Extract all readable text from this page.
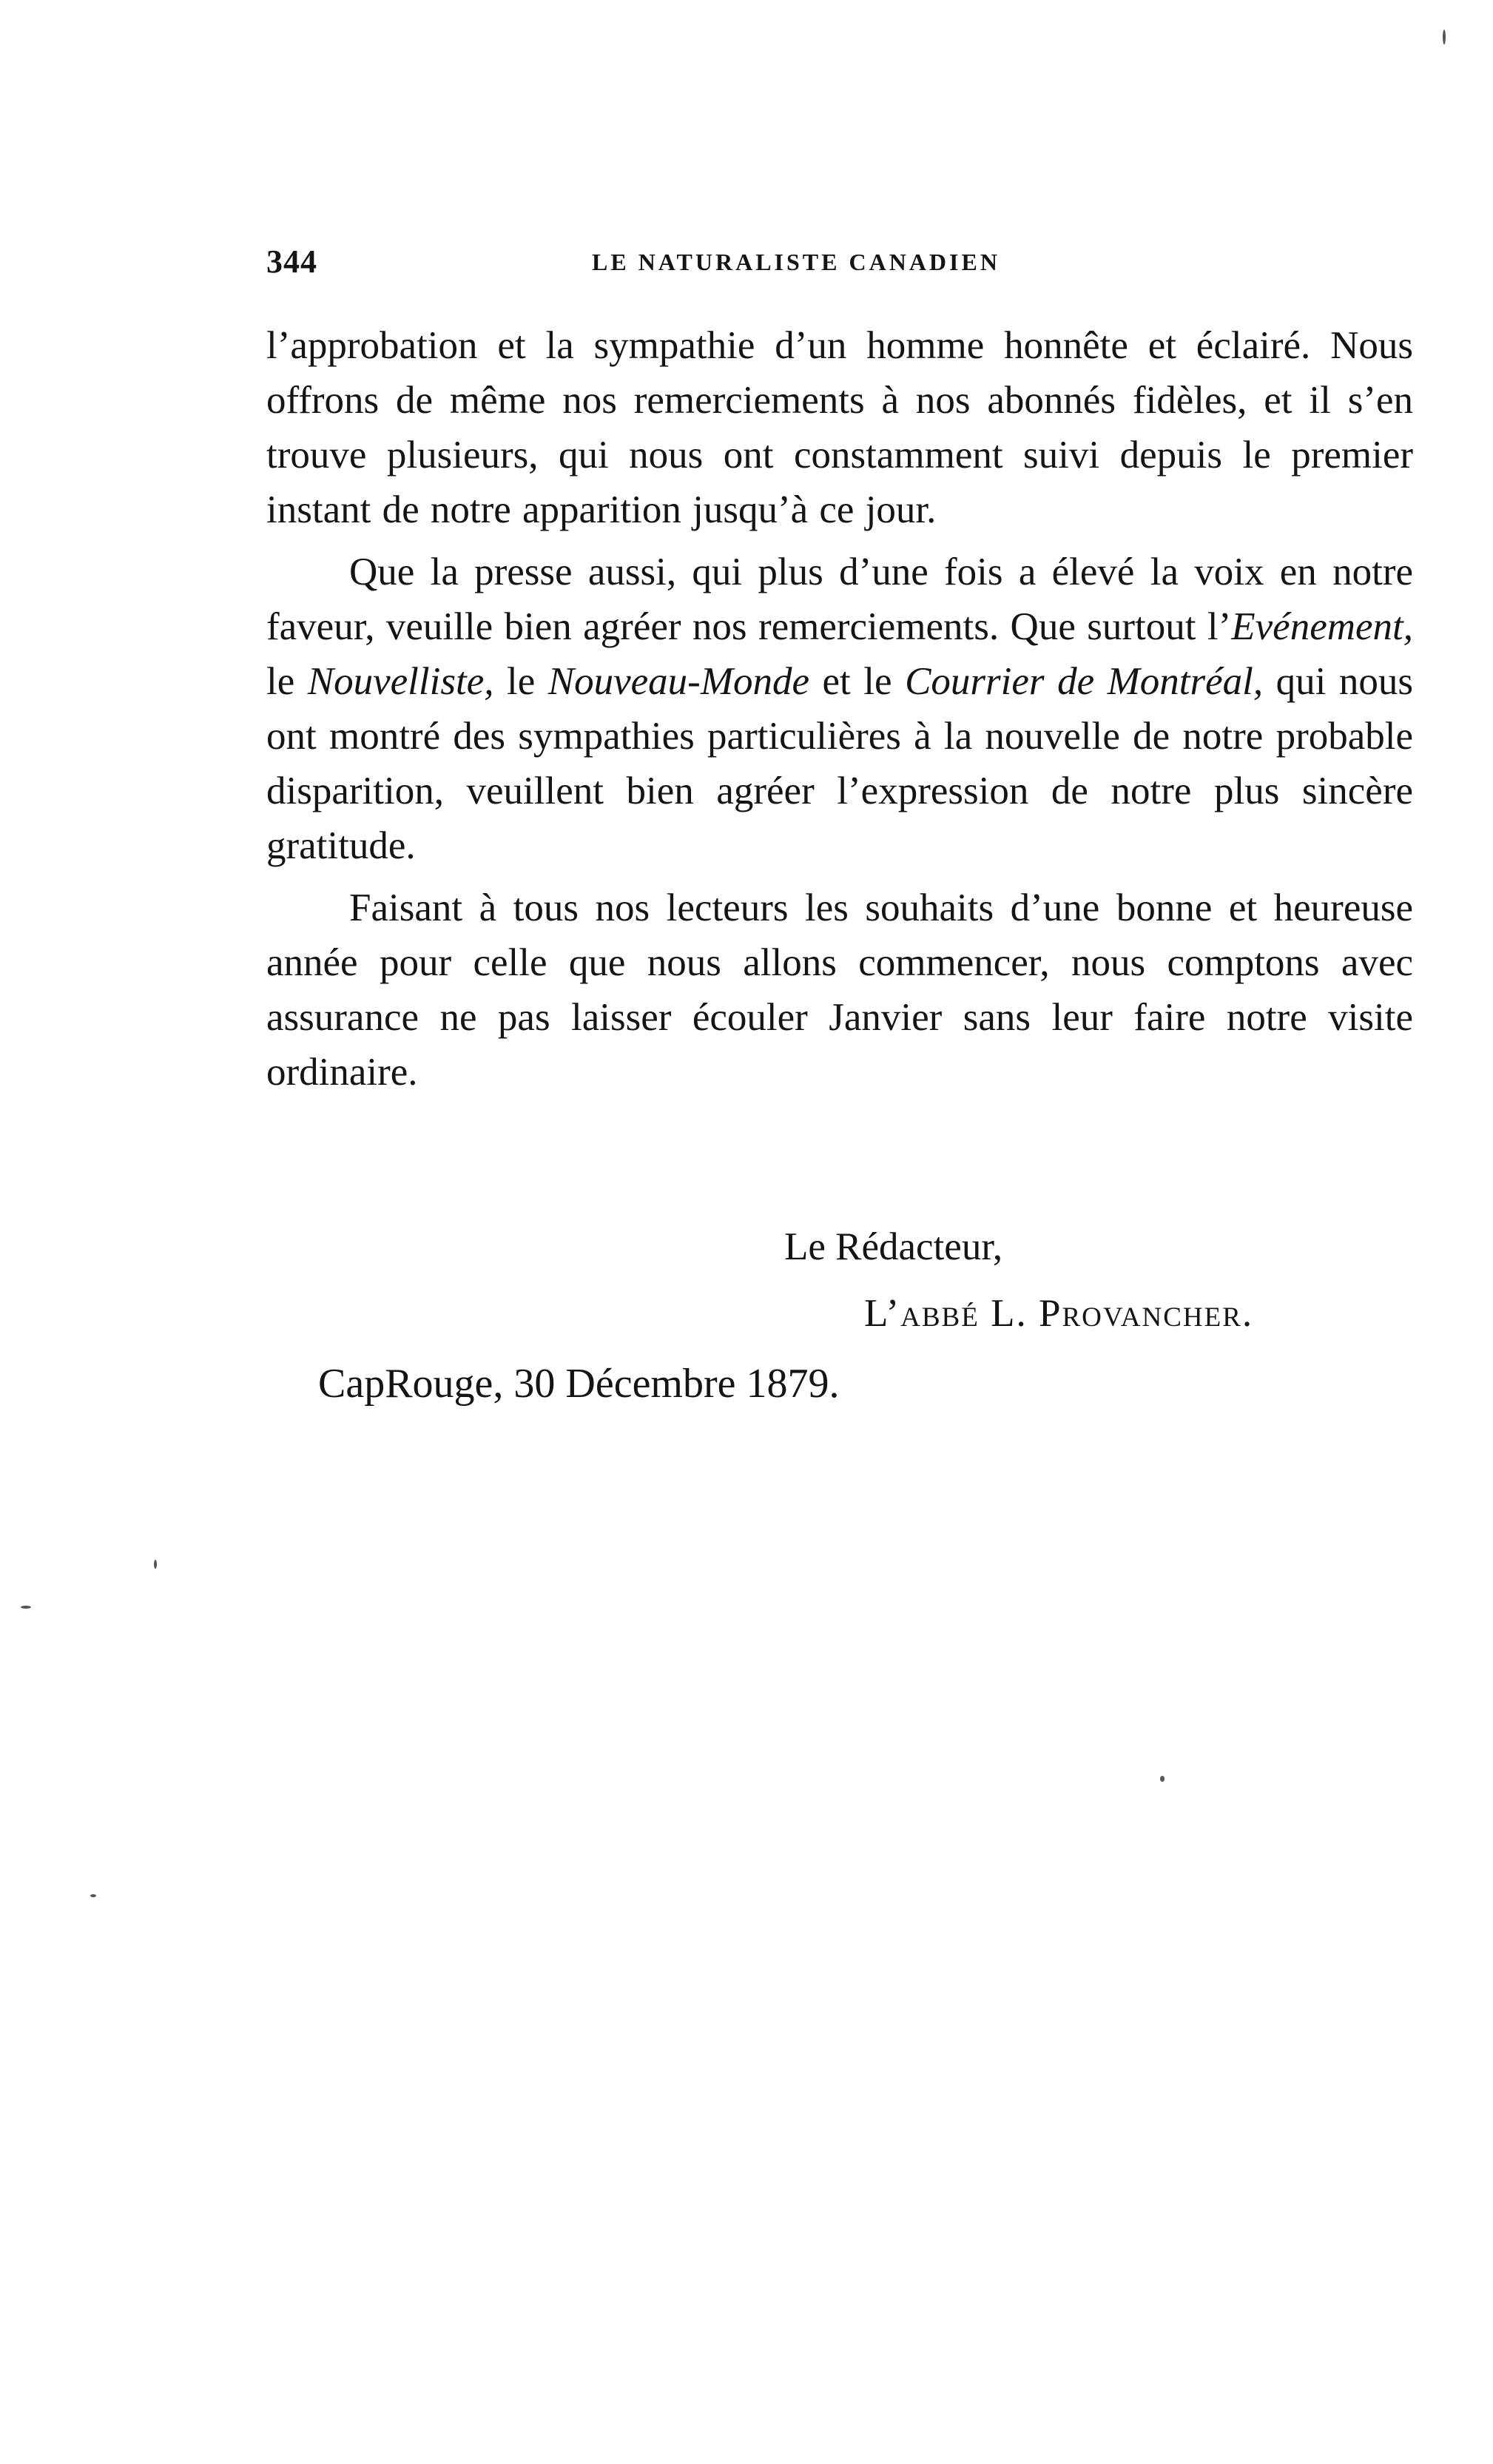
344	LE NATURALISTE CANADIEN

l’approbation et la sympathie d’un homme honnête et éclairé. Nous offrons de même nos remerciements à nos abonnés fidèles, et il s’en trouve plusieurs, qui nous ont constamment suivi depuis le premier instant de notre apparition jusqu’à ce jour.

Que la presse aussi, qui plus d’une fois a élevé la voix en notre faveur, veuille bien agréer nos remerciements. Que surtout l’Evénement, le Nouvelliste, le Nouveau-Monde et le Courrier de Montréal, qui nous ont montré des sympathies particulières à la nouvelle de notre probable disparition, veuillent bien agréer l’expression de notre plus sincère gratitude.

Faisant à tous nos lecteurs les souhaits d’une bonne et heureuse année pour celle que nous allons commencer, nous comptons avec assurance ne pas laisser écouler Janvier sans leur faire notre visite ordinaire.

Le Rédacteur,
L’abbé L. Provancher.
CapRouge, 30 Décembre 1879.
